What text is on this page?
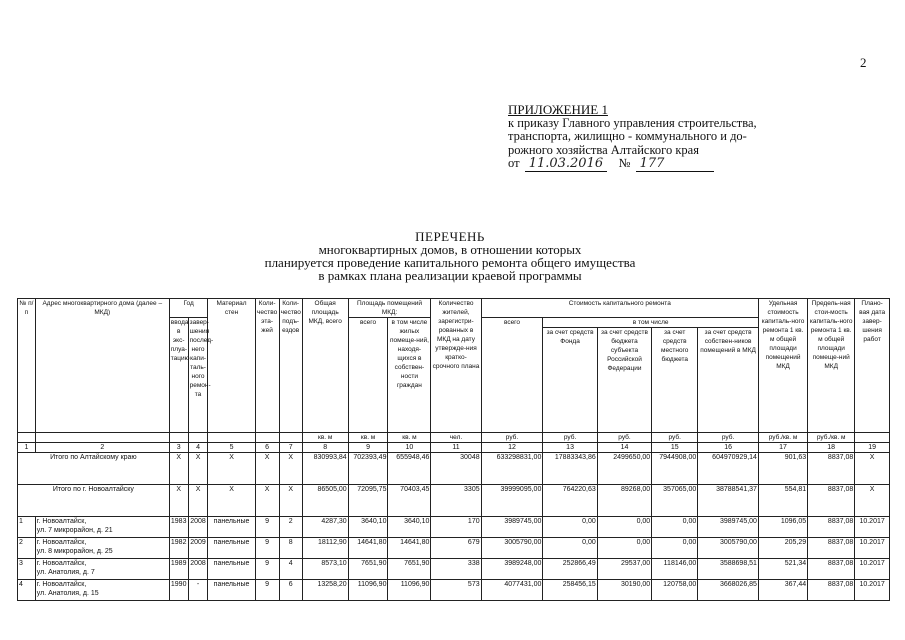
2
ПРИЛОЖЕНИЕ 1
к приказу Главного управления строительства,
транспорта, жилищно - коммунального и до-
рожного хозяйства Алтайского края
от 11.03.2016 № 177
ПЕРЕЧЕНЬ
многоквартирных домов, в отношении которых
планируется проведение капитального ремонта общего имущества
в рамках плана реализации краевой программы
№ п/п	Адрес многоквартирного дома (далее – МКД)	Год		Материал стен	Коли-чество эта-жей	Коли-чество подъ-ездов	Общая площадь МКД, всего	Площадь помещений МКД:		Количество жителей, зарегистри-рованных в МКД на дату утвержде-ния кратко-срочного плана	Стоимость капитального ремонта					Удельная стоимость капиталь-ного ремонта 1 кв. м общей площади помещений МКД	Предель-ная стои-мость капиталь-ного ремонта 1 кв. м общей площади помеще-ний МКД	Плано-вая дата завер-шения работ
		ввода в экс-плуа-тацию	завер-шения послед-него капи-таль-ного ремон-та					всего	в том числе жилых помеще-ний, находя-щихся в собствен-ности граждан		всего	в том числе						
												за счет средств Фонда	за счет средств бюджета субъекта Российской Федерации	за счет средств местного бюджета	за счет средств собствен-ников помещений в МКД			
							кв. м	кв. м	кв. м	чел.	руб.	руб.	руб.	руб.	руб.	руб./кв. м	руб./кв. м	
1	2	3	4	5	6	7	8	9	10	11	12	13	14	15	16	17	18	19
Итого по Алтайскому краю		X	X	X	X	X	830993,84	702393,49	655948,46	30048	633298831,00	17883343,86	2499650,00	7944908,00	604970929,14	901,63	8837,08	X
Итого по г. Новоалтайску		X	X	X	X	X	86505,00	72095,75	70403,45	3305	39999095,00	764220,63	89268,00	357065,00	38788541,37	554,81	8837,08	X
1	г. Новоалтайск,
ул. 7 микрорайон, д. 21	1983	2008	панельные	9	2	4287,30	3640,10	3640,10	170	3989745,00	0,00	0,00	0,00	3989745,00	1096,05	8837,08	10.2017
2	г. Новоалтайск,
ул. 8 микрорайон, д. 25	1982	2009	панельные	9	8	18112,90	14641,80	14641,80	679	3005790,00	0,00	0,00	0,00	3005790,00	205,29	8837,08	10.2017
3	г. Новоалтайск,
ул. Анатолия, д. 7	1989	2008	панельные	9	4	8573,10	7651,90	7651,90	338	3989248,00	252866,49	29537,00	118146,00	3588698,51	521,34	8837,08	10.2017
4	г. Новоалтайск,
ул. Анатолия, д. 15	1990	-	панельные	9	6	13258,20	11096,90	11096,90	573	4077431,00	258456,15	30190,00	120758,00	3668026,85	367,44	8837,08	10.2017
